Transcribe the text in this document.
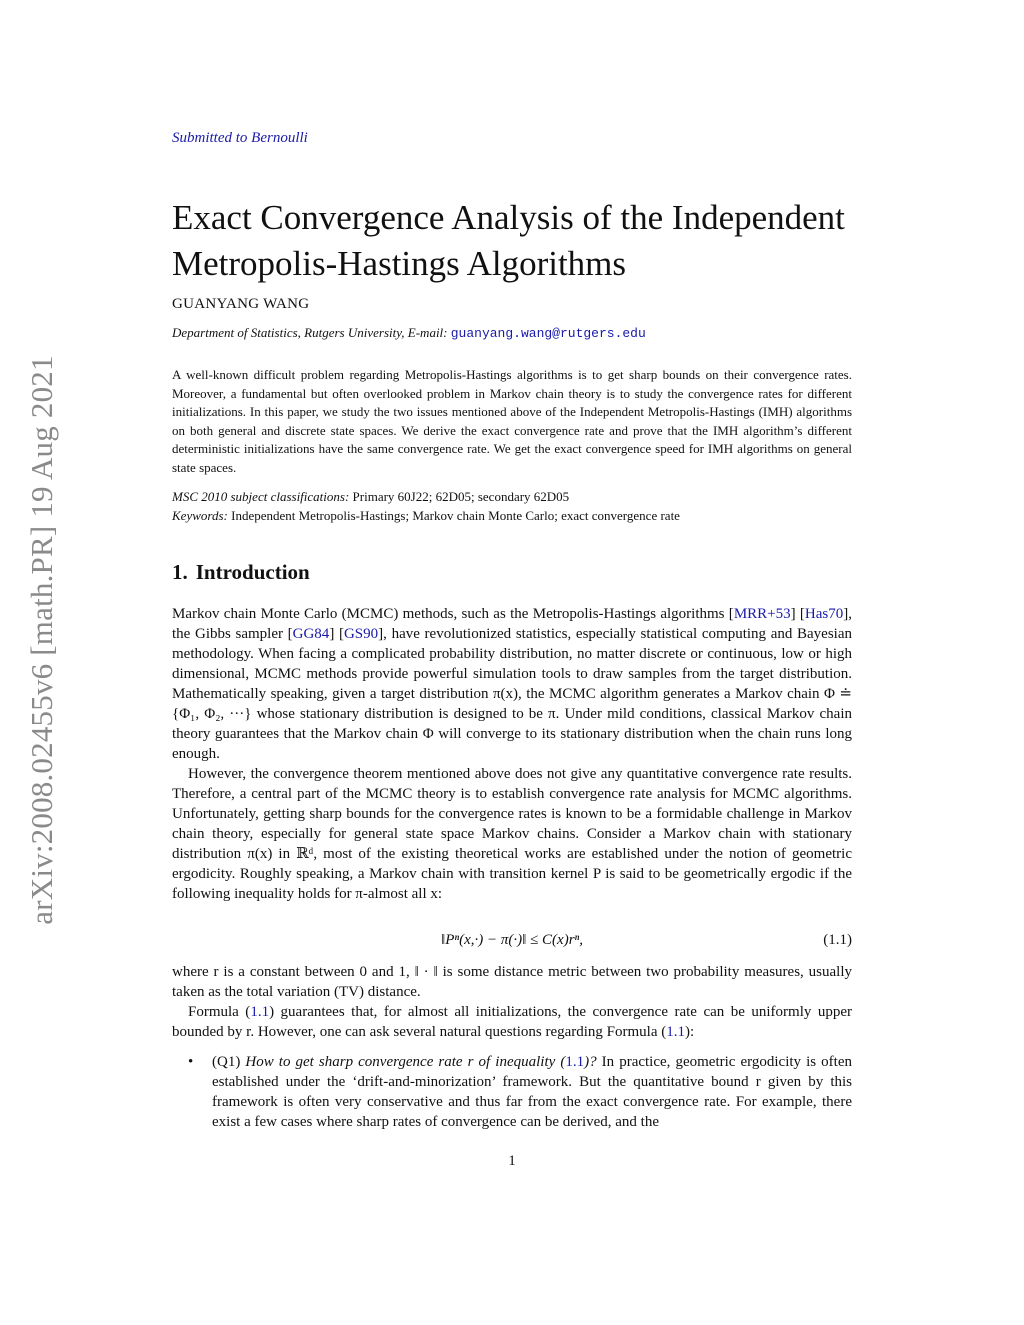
arXiv:2008.02455v6 [math.PR] 19 Aug 2021
Submitted to Bernoulli
Exact Convergence Analysis of the Independent Metropolis-Hastings Algorithms
GUANYANG WANG
Department of Statistics, Rutgers University, E-mail: guanyang.wang@rutgers.edu

A well-known difficult problem regarding Metropolis-Hastings algorithms is to get sharp bounds on their convergence rates. Moreover, a fundamental but often overlooked problem in Markov chain theory is to study the convergence rates for different initializations. In this paper, we study the two issues mentioned above of the Independent Metropolis-Hastings (IMH) algorithms on both general and discrete state spaces. We derive the exact convergence rate and prove that the IMH algorithm’s different deterministic initializations have the same convergence rate. We get the exact convergence speed for IMH algorithms on general state spaces.

MSC 2010 subject classifications: Primary 60J22; 62D05; secondary 62D05
Keywords: Independent Metropolis-Hastings; Markov chain Monte Carlo; exact convergence rate
1. Introduction

Markov chain Monte Carlo (MCMC) methods, such as the Metropolis-Hastings algorithms [MRR+53] [Has70], the Gibbs sampler [GG84] [GS90], have revolutionized statistics, especially statistical computing and Bayesian methodology. When facing a complicated probability distribution, no matter discrete or continuous, low or high dimensional, MCMC methods provide powerful simulation tools to draw samples from the target distribution. Mathematically speaking, given a target distribution π(x), the MCMC algorithm generates a Markov chain Φ ≐ {Φ₁, Φ₂, ···} whose stationary distribution is designed to be π. Under mild conditions, classical Markov chain theory guarantees that the Markov chain Φ will converge to its stationary distribution when the chain runs long enough.

However, the convergence theorem mentioned above does not give any quantitative convergence rate results. Therefore, a central part of the MCMC theory is to establish convergence rate analysis for MCMC algorithms. Unfortunately, getting sharp bounds for the convergence rates is known to be a formidable challenge in Markov chain theory, especially for general state space Markov chains. Consider a Markov chain with stationary distribution π(x) in ℝᵈ, most of the existing theoretical works are established under the notion of geometric ergodicity. Roughly speaking, a Markov chain with transition kernel P is said to be geometrically ergodic if the following inequality holds for π-almost all x:

‖Pⁿ(x,·) − π(·)‖ ≤ C(x)rⁿ,	(1.1)

where r is a constant between 0 and 1, ‖ · ‖ is some distance metric between two probability measures, usually taken as the total variation (TV) distance.

Formula (1.1) guarantees that, for almost all initializations, the convergence rate can be uniformly upper bounded by r. However, one can ask several natural questions regarding Formula (1.1):

• (Q1) How to get sharp convergence rate r of inequality (1.1)? In practice, geometric ergodicity is often established under the ‘drift-and-minorization’ framework. But the quantitative bound r given by this framework is often very conservative and thus far from the exact convergence rate. For example, there exist a few cases where sharp rates of convergence can be derived, and the
1
